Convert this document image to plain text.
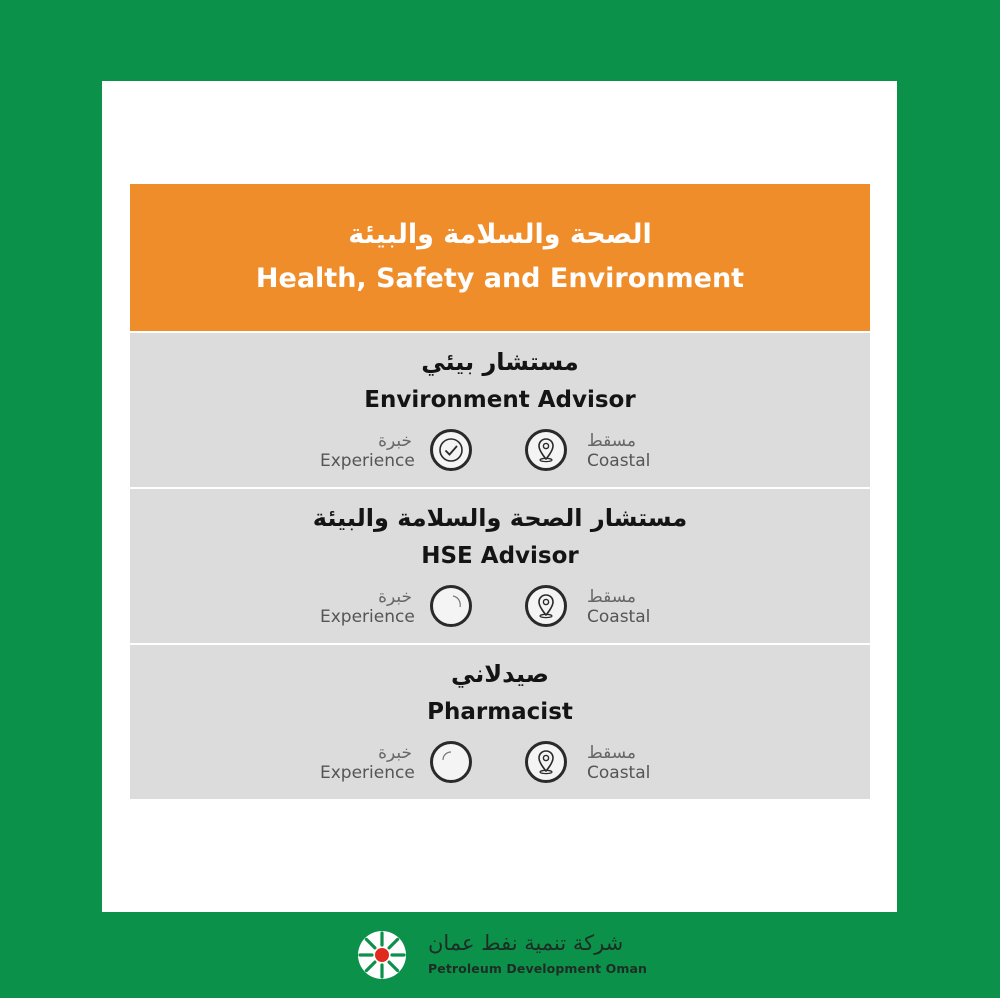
الصحة والسلامة والبيئة
Health, Safety and Environment
مستشار بيئي
Environment Advisor
خبرة
Experience
مسقط
Coastal
مستشار الصحة والسلامة والبيئة
HSE Advisor
خبرة
Experience
مسقط
Coastal
صيدلاني
Pharmacist
خبرة
Experience
مسقط
Coastal
شركة تنمية نفط عمان
Petroleum Development Oman
